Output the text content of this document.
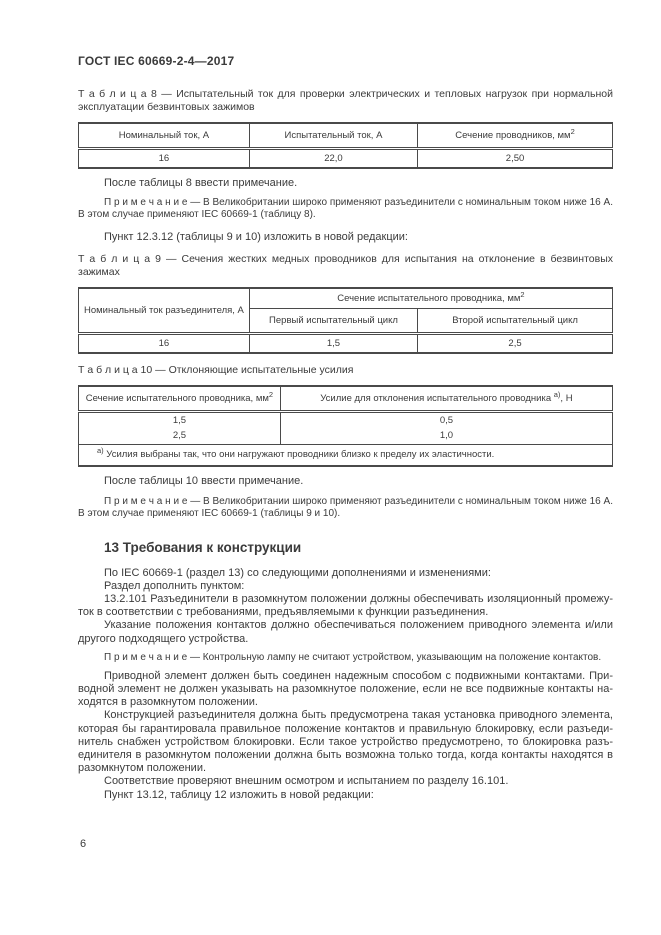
ГОСТ IEC 60669-2-4—2017

Т а б л и ц а 8 — Испытательный ток для проверки электрических и тепловых нагрузок при нормальной эксплуатации безвинтовых зажимов

Номинальный ток, А	Испытательный ток, А	Сечение проводников, $мм^2$
16	22,0	2,50

После таблицы 8 ввести примечание.

П р и м е ч а н и е — В Великобритании широко применяют разъединители с номинальным током ниже 16 А. В этом случае применяют IEC 60669-1 (таблицу 8).

Пункт 12.3.12 (таблицы 9 и 10) изложить в новой редакции:

Т а б л и ц а 9 — Сечения жестких медных проводников для испытания на отклонение в безвинтовых зажимах

Номинальный ток разъединителя, А	Сечение испытательного проводника, $мм^2$
	Первый испытательный цикл	Второй испытательный цикл
16	1,5	2,5

Т а б л и ц а 10 — Отклоняющие испытательные усилия

Сечение испытательного проводника, $мм^2$	Усилие для отклонения испытательного проводника $^{a)}$, Н
1,5	0,5
2,5	1,0
$^{a)}$ Усилия выбраны так, что они нагружают проводники близко к пределу их эластичности.	

После таблицы 10 ввести примечание.

П р и м е ч а н и е — В Великобритании широко применяют разъединители с номинальным током ниже 16 А. В этом случае применяют IEC 60669-1 (таблицы 9 и 10).

13 Требования к конструкции

По IEC 60669-1 (раздел 13) со следующими дополнениями и изменениями:

Раздел дополнить пунктом:

13.2.101 Разъединители в разомкнутом положении должны обеспечивать изоляционный промежуток в соответствии с требованиями, предъявляемыми к функции разъединения.

Указание положения контактов должно обеспечиваться положением приводного элемента и/или другого подходящего устройства.

П р и м е ч а н и е — Контрольную лампу не считают устройством, указывающим на положение контактов.

Приводной элемент должен быть соединен надежным способом с подвижными контактами. Приводной элемент не должен указывать на разомкнутое положение, если не все подвижные контакты находятся в разомкнутом положении.

Конструкцией разъединителя должна быть предусмотрена такая установка приводного элемента, которая бы гарантировала правильное положение контактов и правильную блокировку, если разъединитель снабжен устройством блокировки. Если такое устройство предусмотрено, то блокировка разъединителя в разомкнутом положении должна быть возможна только тогда, когда контакты находятся в разомкнутом положении.

Соответствие проверяют внешним осмотром и испытанием по разделу 16.101.

Пункт 13.12, таблицу 12 изложить в новой редакции:

6
